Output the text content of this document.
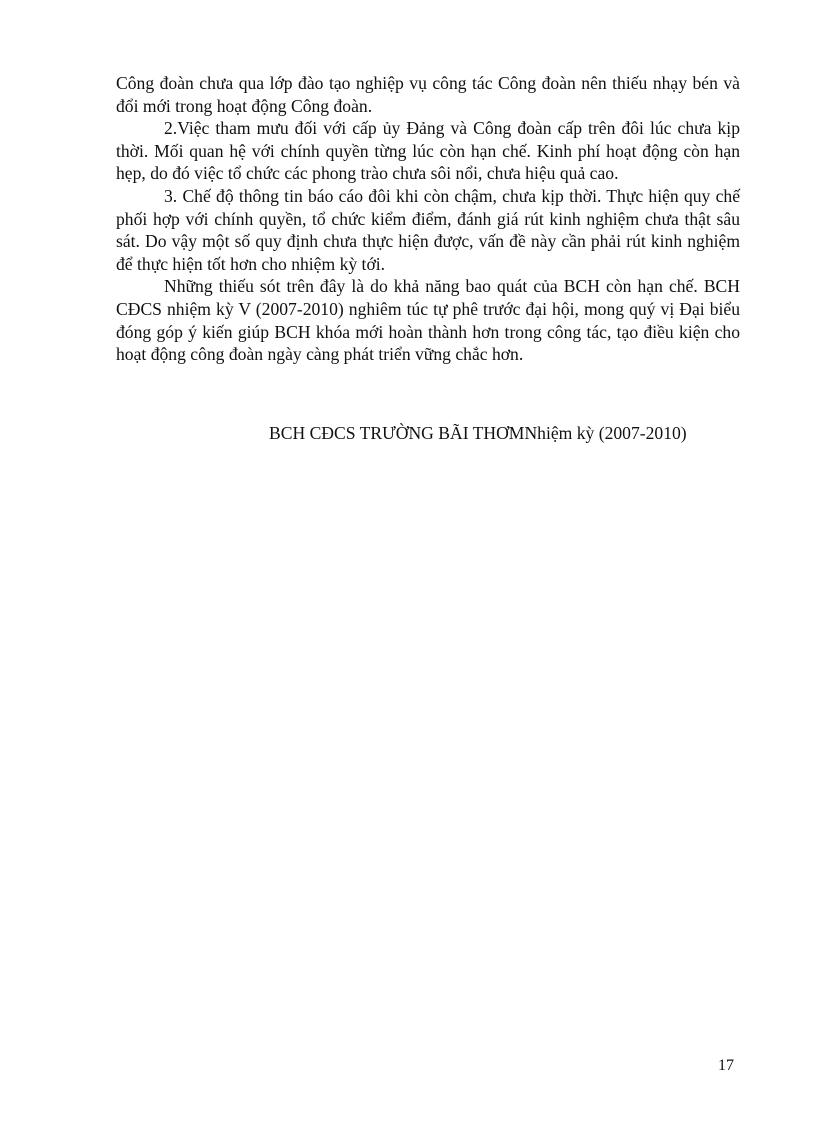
Công đoàn chưa qua lớp đào tạo nghiệp vụ công tác Công đoàn nên thiếu nhạy bén và đổi mới trong hoạt động Công đoàn.

2.Việc tham mưu đối với cấp ủy Đảng và Công đoàn cấp trên đôi lúc chưa kịp thời. Mối quan hệ với chính quyền từng lúc còn hạn chế. Kinh phí hoạt động còn hạn hẹp, do đó việc tổ chức các phong trào chưa sôi nổi, chưa hiệu quả cao.

3. Chế độ thông tin báo cáo đôi khi còn chậm, chưa kịp thời. Thực hiện quy chế phối hợp với chính quyền, tổ chức kiểm điểm, đánh giá rút kinh nghiệm chưa thật sâu sát. Do vậy một số quy định chưa thực hiện được, vấn đề này cần phải rút kinh nghiệm để thực hiện tốt hơn cho nhiệm kỳ tới.

Những thiếu sót trên đây là do khả năng bao quát của BCH còn hạn chế. BCH CĐCS nhiệm kỳ V (2007-2010) nghiêm túc tự phê trước đại hội, mong quý vị Đại biểu đóng góp ý kiến giúp BCH khóa mới hoàn thành hơn trong công tác, tạo điều kiện cho hoạt động công đoàn ngày càng phát triển vững chắc hơn.

BCH CĐCS TRƯỜNG BÃI THƠMNhiệm kỳ (2007-2010)
17
